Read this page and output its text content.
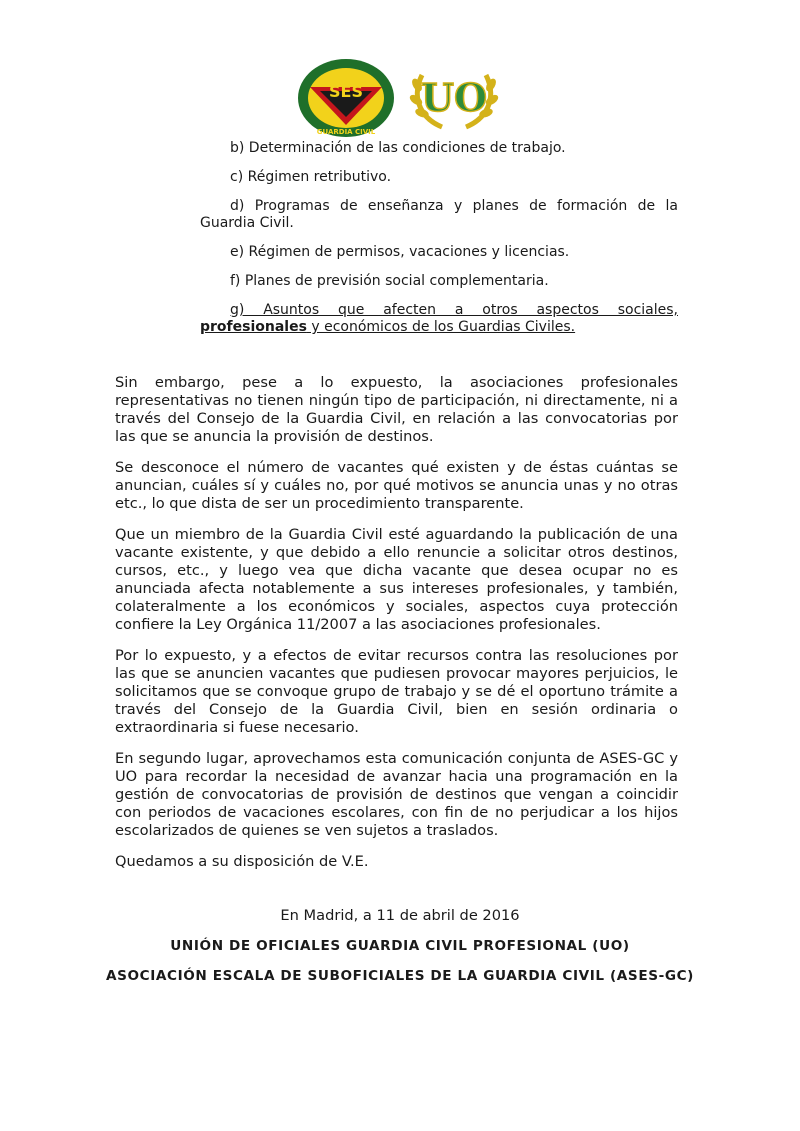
SES
GUARDIA CIVIL
UO

b) Determinación de las condiciones de trabajo.

c) Régimen retributivo.

d) Programas de enseñanza y planes de formación de la Guardia Civil.

e) Régimen de permisos, vacaciones y licencias.

f) Planes de previsión social complementaria.

g) Asuntos que afecten a otros aspectos sociales, profesionales y económicos de los Guardias Civiles.

Sin embargo, pese a lo expuesto, la asociaciones profesionales representativas no tienen ningún tipo de participación, ni directamente, ni a través del Consejo de la Guardia Civil, en relación a las convocatorias por las que se anuncia la provisión de destinos.

Se desconoce el número de vacantes qué existen y de éstas cuántas se anuncian, cuáles sí y cuáles no, por qué motivos se anuncia unas y no otras etc., lo que dista de ser un procedimiento transparente.

Que un miembro de la Guardia Civil esté aguardando la publicación de una vacante existente, y que debido a ello renuncie a solicitar otros destinos, cursos, etc., y luego vea que dicha vacante que desea ocupar no es anunciada afecta notablemente a sus intereses profesionales, y también, colateralmente a los económicos y sociales, aspectos cuya protección confiere la Ley Orgánica 11/2007 a las asociaciones profesionales.

Por lo expuesto, y a efectos de evitar recursos contra las resoluciones por las que se anuncien vacantes que pudiesen provocar mayores perjuicios, le solicitamos que se convoque grupo de trabajo y se dé el oportuno trámite a través del Consejo de la Guardia Civil, bien en sesión ordinaria o extraordinaria si fuese necesario.

En segundo lugar, aprovechamos esta comunicación conjunta de ASES-GC y UO para recordar la necesidad de avanzar hacia una programación en la gestión de convocatorias de provisión de destinos que vengan a coincidir con periodos de vacaciones escolares, con fin de no perjudicar a los hijos escolarizados de quienes se ven sujetos a traslados.

Quedamos a su disposición de V.E.

En Madrid, a 11 de abril de 2016

UNIÓN DE OFICIALES GUARDIA CIVIL PROFESIONAL (UO)

ASOCIACIÓN ESCALA DE SUBOFICIALES DE LA GUARDIA CIVIL (ASES-GC)
